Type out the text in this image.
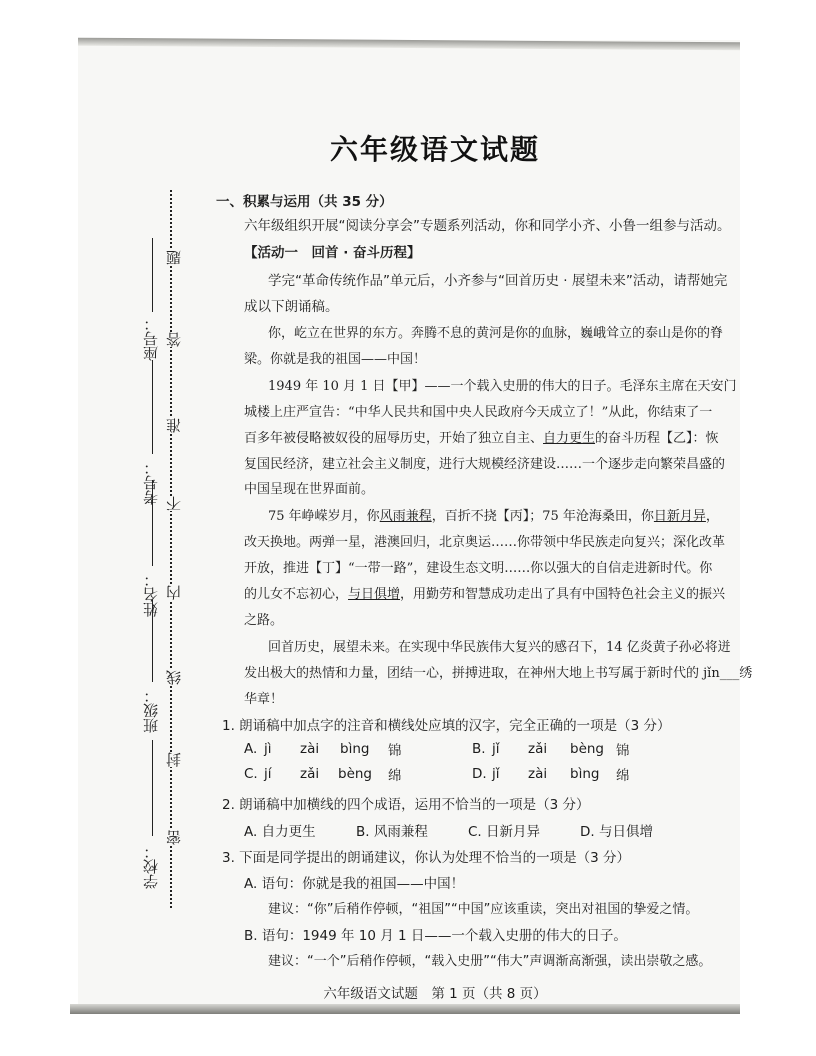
学校：
班级：
姓名：
考号：
座号：
密
封
线
内
不
准
答
题
六年级语文试题
一、积累与运用（共 35 分）
六年级组织开展“阅读分享会”专题系列活动，你和同学小齐、小鲁一组参与活动。
【活动一　回首 · 奋斗历程】
学完“革命传统作品”单元后，小齐参与“回首历史 · 展望未来”活动，请帮她完
成以下朗诵稿。
你，屹立在世界的东方。奔腾不息的黄河是你的血脉，巍峨耸立的泰山是你的脊
梁。你就是我的祖国——中国！
1949 年 10 月 1 日【甲】——一个载入史册的伟大的日子。毛泽东主席在天安门
城楼上庄严宣告：“中华人民共和国中央人民政府今天成立了！”从此，你结束了一
百多年被侵略被奴役的屈辱历史，开始了独立自主、自力更生的奋斗历程【乙】：恢
复国民经济，建立社会主义制度，进行大规模经济建设……一个逐步走向繁荣昌盛的
中国呈现在世界面前。
75 年峥嵘岁月，你风雨兼程，百折不挠【丙】；75 年沧海桑田，你日新月异，
改天换地。两弹一星，港澳回归，北京奥运……你带领中华民族走向复兴；深化改革
开放，推进【丁】“一带一路”，建设生态文明……你以强大的自信走进新时代。你
的儿女不忘初心，与日俱增，用勤劳和智慧成功走出了具有中国特色社会主义的振兴
之路。
回首历史，展望未来。在实现中华民族伟大复兴的感召下，14 亿炎黄子孙必将迸
发出极大的热情和力量，团结一心，拼搏进取，在神州大地上书写属于新时代的 jǐn___绣
华章！
1. 朗诵稿中加点字的注音和横线处应填的汉字，完全正确的一项是（3 分）
A. jì zài bìng 锦	B. jǐ zǎi bèng 锦
C. jí zǎi bèng 绵	D. jǐ zài bìng 绵
2. 朗诵稿中加横线的四个成语，运用不恰当的一项是（3 分）
A. 自力更生	B. 风雨兼程	C. 日新月异	D. 与日俱增
3. 下面是同学提出的朗诵建议，你认为处理不恰当的一项是（3 分）
A. 语句：你就是我的祖国——中国！
建议：“你”后稍作停顿，“祖国”“中国”应该重读，突出对祖国的挚爱之情。
B. 语句：1949 年 10 月 1 日——一个载入史册的伟大的日子。
建议：“一个”后稍作停顿，“载入史册”“伟大”声调渐高渐强，读出崇敬之感。
六年级语文试题　第 1 页（共 8 页）
